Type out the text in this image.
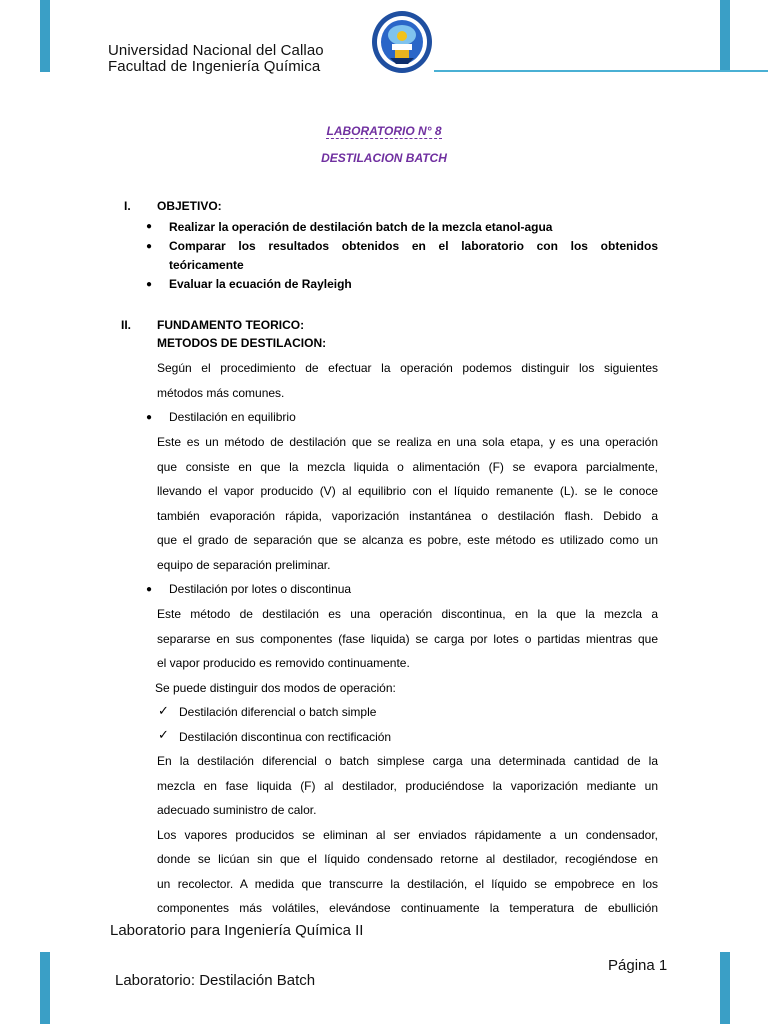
Universidad Nacional del Callao
Facultad de Ingeniería Química
LABORATORIO N° 8
DESTILACION BATCH
I. OBJETIVO:
● Realizar la operación de destilación batch de la mezcla etanol-agua
● Comparar los resultados obtenidos en el laboratorio con los obtenidos
teóricamente
● Evaluar la ecuación de Rayleigh
II. FUNDAMENTO TEORICO:
METODOS DE DESTILACION:
Según el procedimiento de efectuar la operación podemos distinguir los siguientes
métodos más comunes.
● Destilación en equilibrio
Este es un método de destilación que se realiza en una sola etapa, y es una operación
que consiste en que la mezcla liquida o alimentación (F) se evapora parcialmente,
llevando el vapor producido (V) al equilibrio con el líquido remanente (L). se le conoce
también evaporación rápida, vaporización instantánea o destilación flash. Debido a
que el grado de separación que se alcanza es pobre, este método es utilizado como un
equipo de separación preliminar.
● Destilación por lotes o discontinua
Este método de destilación es una operación discontinua, en la que la mezcla a
separarse en sus componentes (fase liquida) se carga por lotes o partidas mientras que
el vapor producido es removido continuamente.
Se puede distinguir dos modos de operación:
✓ Destilación diferencial o batch simple
✓ Destilación discontinua con rectificación
En la destilación diferencial o batch simplese carga una determinada cantidad de la
mezcla en fase liquida (F) al destilador, produciéndose la vaporización mediante un
adecuado suministro de calor.
Los vapores producidos se eliminan al ser enviados rápidamente a un condensador,
donde se licúan sin que el líquido condensado retorne al destilador, recogiéndose en
un recolector. A medida que transcurre la destilación, el líquido se empobrece en los
componentes más volátiles, elevándose continuamente la temperatura de ebullición
Laboratorio para Ingeniería Química II
Página 1
Laboratorio: Destilación Batch
